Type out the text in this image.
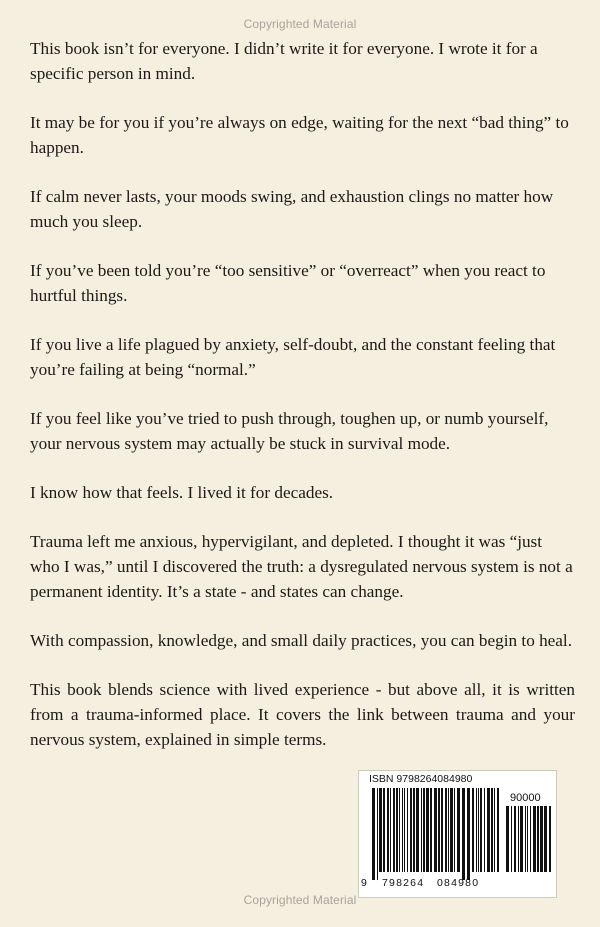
Copyrighted Material

This book isn’t for everyone. I didn’t write it for everyone. I wrote it for a specific person in mind.

It may be for you if you’re always on edge, waiting for the next “bad thing” to happen.

If calm never lasts, your moods swing, and exhaustion clings no matter how much you sleep.

If you’ve been told you’re “too sensitive” or “overreact” when you react to hurtful things.

If you live a life plagued by anxiety, self-doubt, and the constant feeling that you’re failing at being “normal.”

If you feel like you’ve tried to push through, toughen up, or numb yourself, your nervous system may actually be stuck in survival mode.

I know how that feels. I lived it for decades.

Trauma left me anxious, hypervigilant, and depleted. I thought it was “just who I was,” until I discovered the truth: a dysregulated nervous system is not a permanent identity. It’s a state - and states can change.

With compassion, knowledge, and small daily practices, you can begin to heal.

This book blends science with lived experience - but above all, it is written from a trauma-informed place. It covers the link between trauma and your nervous system, explained in simple terms.

ISBN 9798264084980
90000
9 798264 084980
Copyrighted Material
